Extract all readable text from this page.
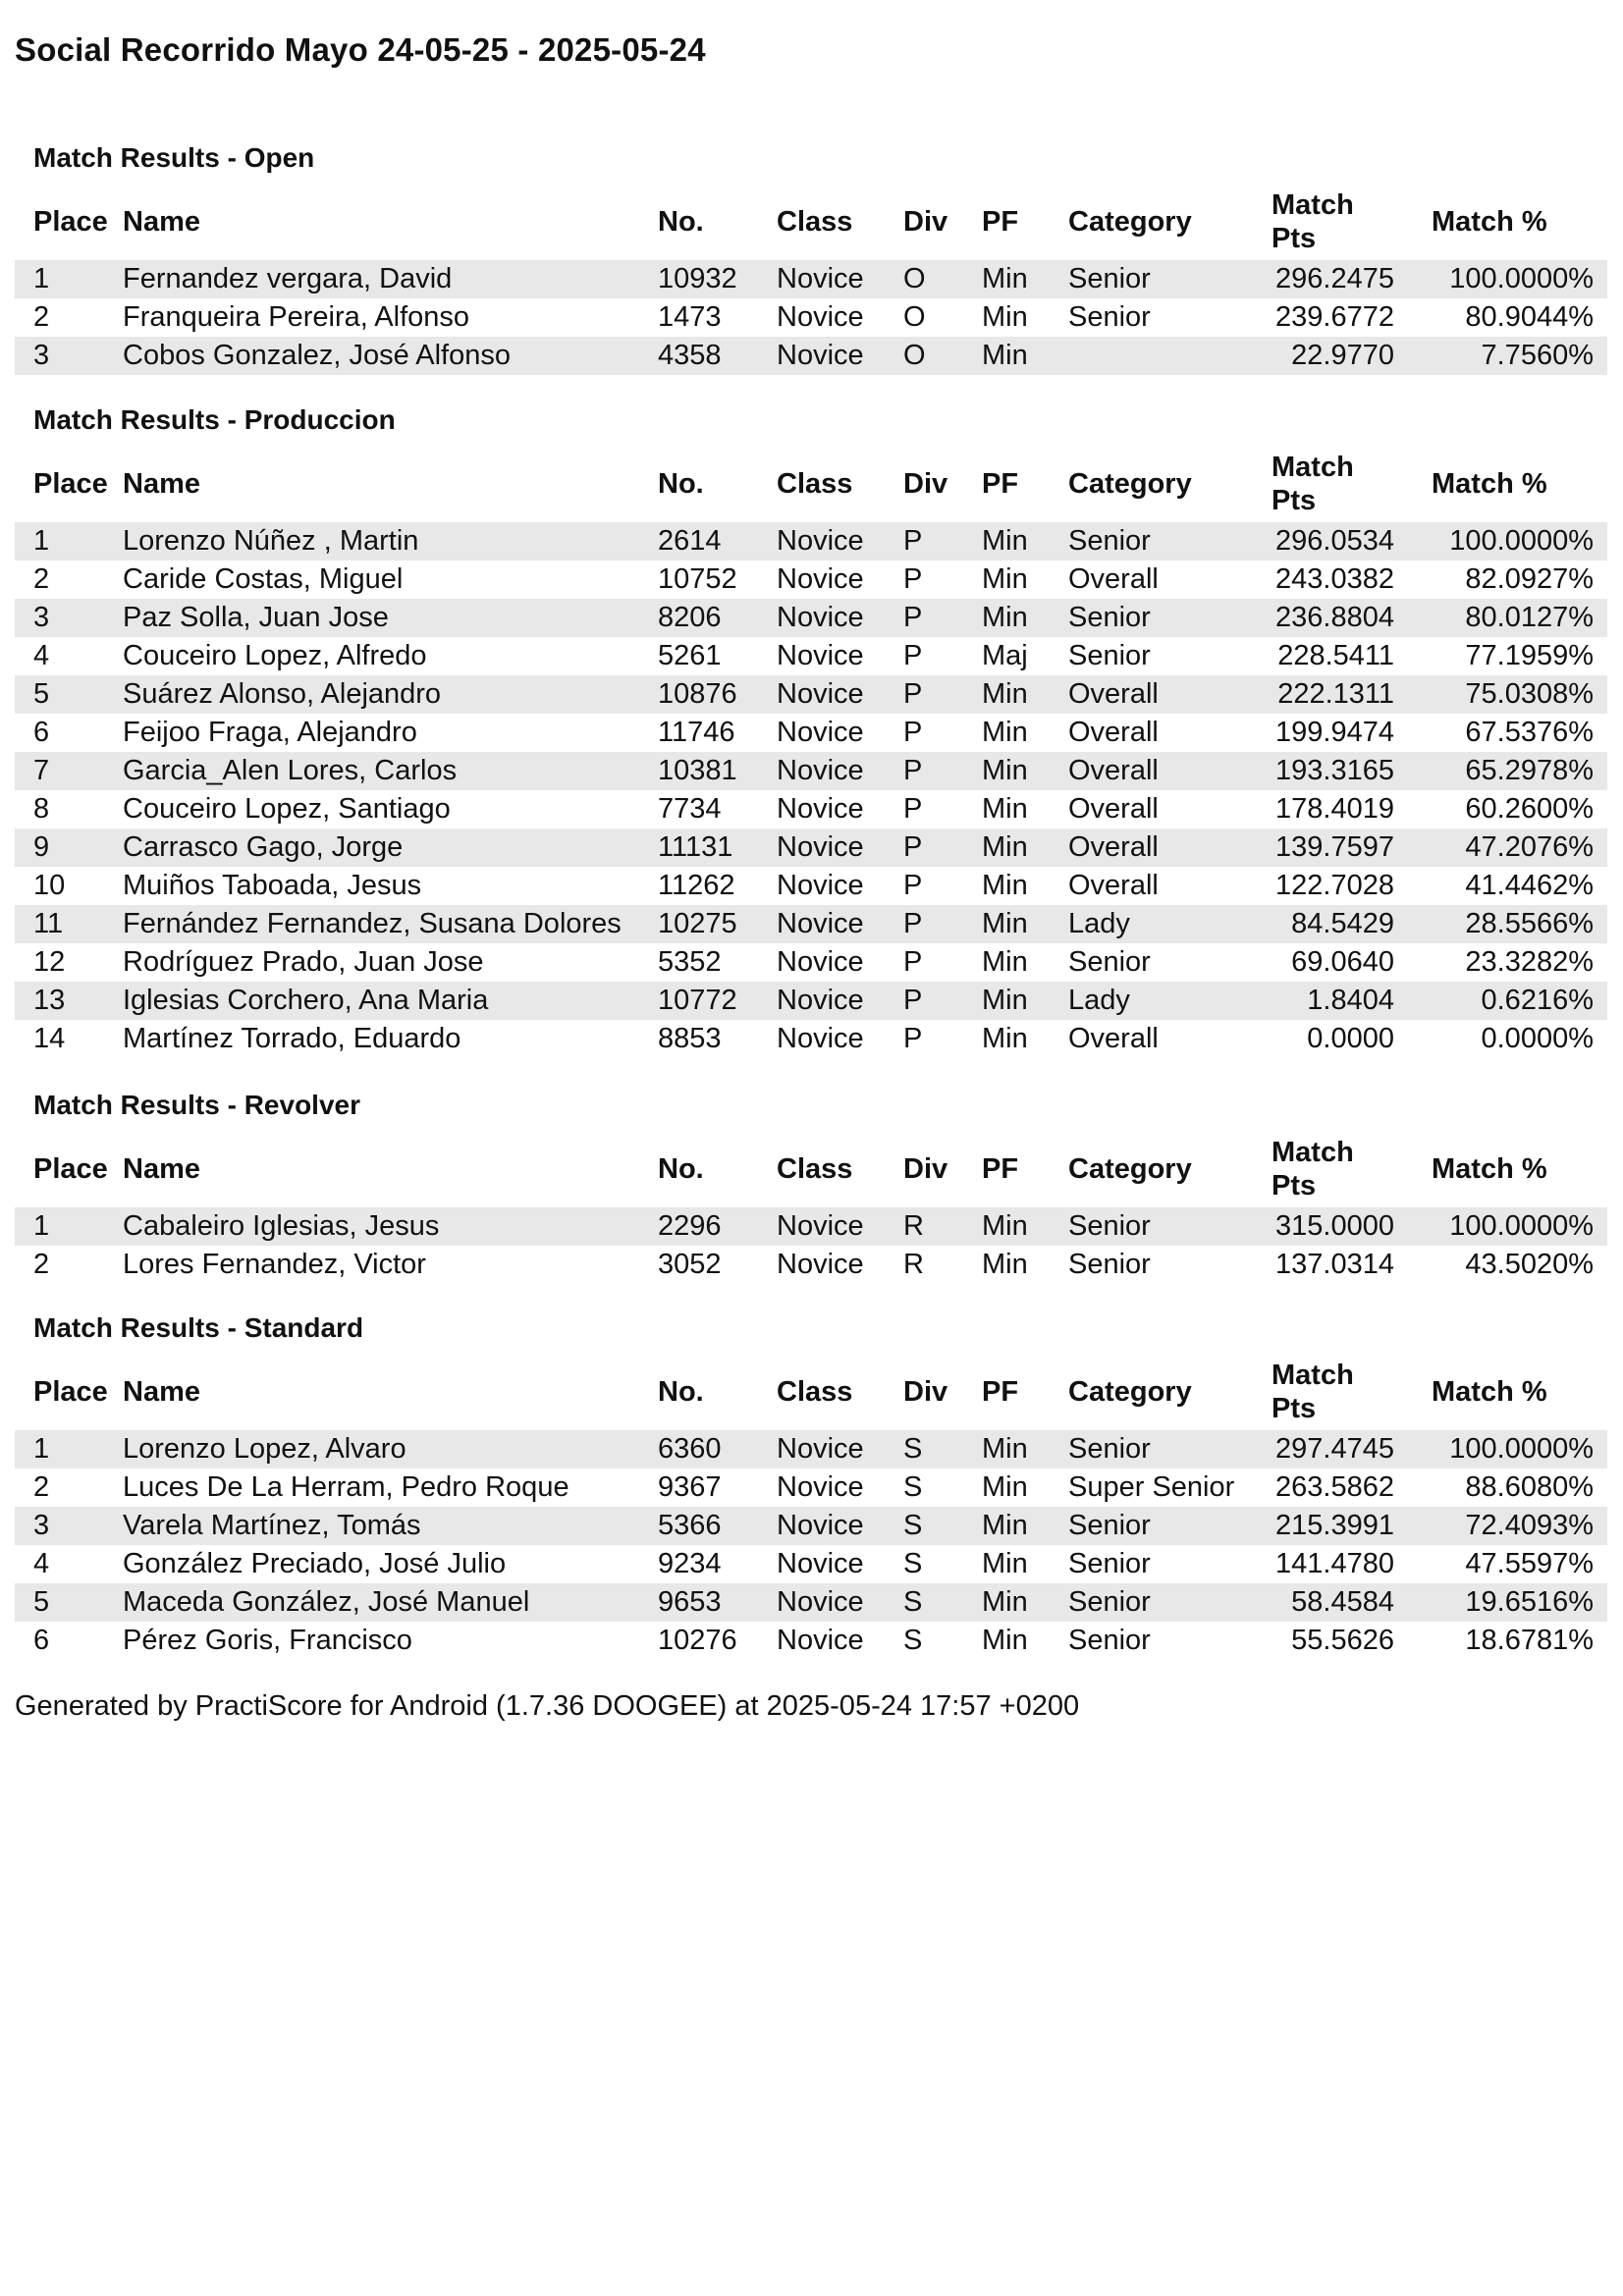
Social Recorrido Mayo 24-05-25 - 2025-05-24
Match Results - Open
Place	Name	No.	Class	Div	PF	Category	Match Pts	Match %
1	Fernandez vergara, David	10932	Novice	O	Min	Senior	296.2475	100.0000%
2	Franqueira Pereira, Alfonso	1473	Novice	O	Min	Senior	239.6772	80.9044%
3	Cobos Gonzalez, José Alfonso	4358	Novice	O	Min		22.9770	7.7560%
Match Results - Produccion
Place	Name	No.	Class	Div	PF	Category	Match Pts	Match %
1	Lorenzo Núñez , Martin	2614	Novice	P	Min	Senior	296.0534	100.0000%
2	Caride Costas, Miguel	10752	Novice	P	Min	Overall	243.0382	82.0927%
3	Paz Solla, Juan Jose	8206	Novice	P	Min	Senior	236.8804	80.0127%
4	Couceiro Lopez, Alfredo	5261	Novice	P	Maj	Senior	228.5411	77.1959%
5	Suárez Alonso, Alejandro	10876	Novice	P	Min	Overall	222.1311	75.0308%
6	Feijoo Fraga, Alejandro	11746	Novice	P	Min	Overall	199.9474	67.5376%
7	Garcia_Alen Lores, Carlos	10381	Novice	P	Min	Overall	193.3165	65.2978%
8	Couceiro Lopez, Santiago	7734	Novice	P	Min	Overall	178.4019	60.2600%
9	Carrasco Gago, Jorge	11131	Novice	P	Min	Overall	139.7597	47.2076%
10	Muiños Taboada, Jesus	11262	Novice	P	Min	Overall	122.7028	41.4462%
11	Fernández Fernandez, Susana Dolores	10275	Novice	P	Min	Lady	84.5429	28.5566%
12	Rodríguez Prado, Juan Jose	5352	Novice	P	Min	Senior	69.0640	23.3282%
13	Iglesias Corchero, Ana Maria	10772	Novice	P	Min	Lady	1.8404	0.6216%
14	Martínez Torrado, Eduardo	8853	Novice	P	Min	Overall	0.0000	0.0000%
Match Results - Revolver
Place	Name	No.	Class	Div	PF	Category	Match Pts	Match %
1	Cabaleiro Iglesias, Jesus	2296	Novice	R	Min	Senior	315.0000	100.0000%
2	Lores Fernandez, Victor	3052	Novice	R	Min	Senior	137.0314	43.5020%
Match Results - Standard
Place	Name	No.	Class	Div	PF	Category	Match Pts	Match %
1	Lorenzo Lopez, Alvaro	6360	Novice	S	Min	Senior	297.4745	100.0000%
2	Luces De La Herram, Pedro Roque	9367	Novice	S	Min	Super Senior	263.5862	88.6080%
3	Varela Martínez, Tomás	5366	Novice	S	Min	Senior	215.3991	72.4093%
4	González Preciado, José Julio	9234	Novice	S	Min	Senior	141.4780	47.5597%
5	Maceda González, José Manuel	9653	Novice	S	Min	Senior	58.4584	19.6516%
6	Pérez Goris, Francisco	10276	Novice	S	Min	Senior	55.5626	18.6781%
Generated by PractiScore for Android (1.7.36 DOOGEE) at 2025-05-24 17:57 +0200
